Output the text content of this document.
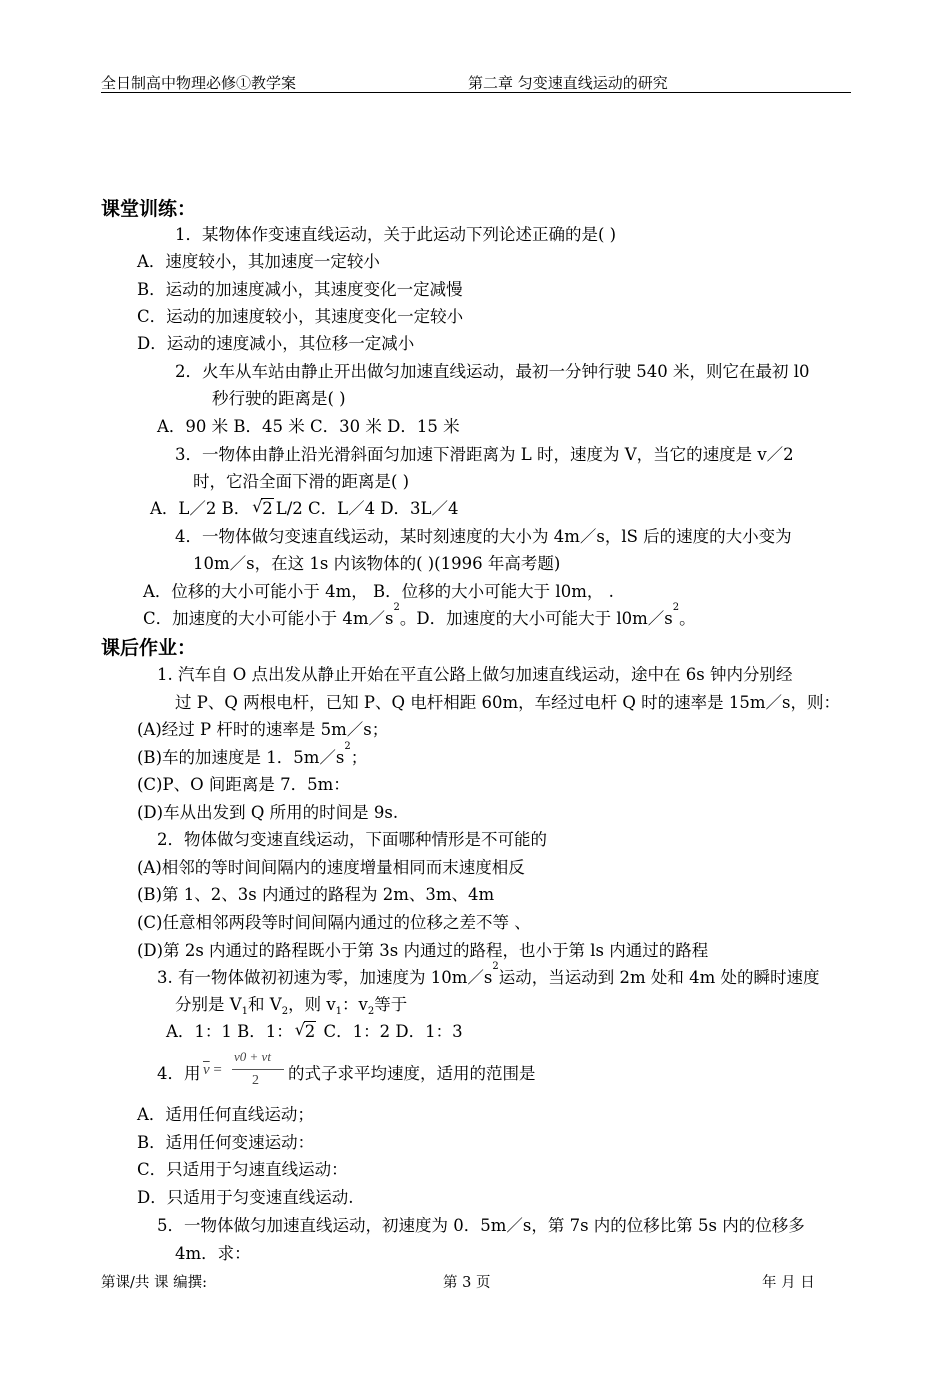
全日制高中物理必修①教学案	第二章 匀变速直线运动的研究
课堂训练：
1．某物体作变速直线运动，关于此运动下列论述正确的是( )
A．速度较小，其加速度一定较小
B．运动的加速度减小，其速度变化一定减慢
C．运动的加速度较小，其速度变化一定较小
D．运动的速度减小，其位移一定减小
2．火车从车站由静止开出做匀加速直线运动，最初一分钟行驶 540 米，则它在最初 l0
秒行驶的距离是( )
A．90 米 B．45 米 C．30 米 D．15 米
3．一物体由静止沿光滑斜面匀加速下滑距离为 L 时，速度为 V，当它的速度是 v／2
时，它沿全面下滑的距离是( )
A．L／2 B． √ 2 L/2 C．L／4 D．3L／4
4．一物体做匀变速直线运动，某时刻速度的大小为 4m／s，lS 后的速度的大小变为
10m／s，在这 1s 内该物体的( )(1996 年高考题)
A．位移的大小可能小于 4m， B．位移的大小可能大于 l0m， .
C．加速度的大小可能小于 $4m/s^2$。D．加速度的大小可能大于 $l0m/s^2$。
课后作业：
1. 汽车自 O 点出发从静止开始在平直公路上做匀加速直线运动，途中在 6s 钟内分别经
过 P、Q 两根电杆，已知 P、Q 电杆相距 60m，车经过电杆 Q 时的速率是 15m／s，则：
(A)经过 P 杆时的速率是 5m／s；
(B)车的加速度是 1．$5m/s^2$；
(C)P、O 间距离是 7．5m：
(D)车从出发到 Q 所用的时间是 9s.
2．物体做匀变速直线运动，下面哪种情形是不可能的
(A)相邻的等时间间隔内的速度增量相同而末速度相反
(B)第 1、2、3s 内通过的路程为 2m、3m、4m
(C)任意相邻两段等时间间隔内通过的位移之差不等 、
(D)第 2s 内通过的路程既小于第 3s 内通过的路程，也小于第 ls 内通过的路程
3. 有一物体做初初速为零，加速度为 $10m/s^2$运动，当运动到 2m 处和 4m 处的瞬时速度
分别是 $V_1$和 $V_2$，则 $v_1$：$v_2$等于
A．1：1 B．1： √ 2 C．1：2 D．1：3
4．用 $\overline{v}$ =
v0 + vt
2 的式子求平均速度，适用的范围是
A．适用任何直线运动；
B．适用任何变速运动：
C．只适用于匀速直线运动：
D．只适用于匀变速直线运动.
5．一物体做匀加速直线运动，初速度为 0．5m／s，第 7s 内的位移比第 5s 内的位移多
4m．求：
第课/共 课 编撰:	第 3 页	年 月 日
